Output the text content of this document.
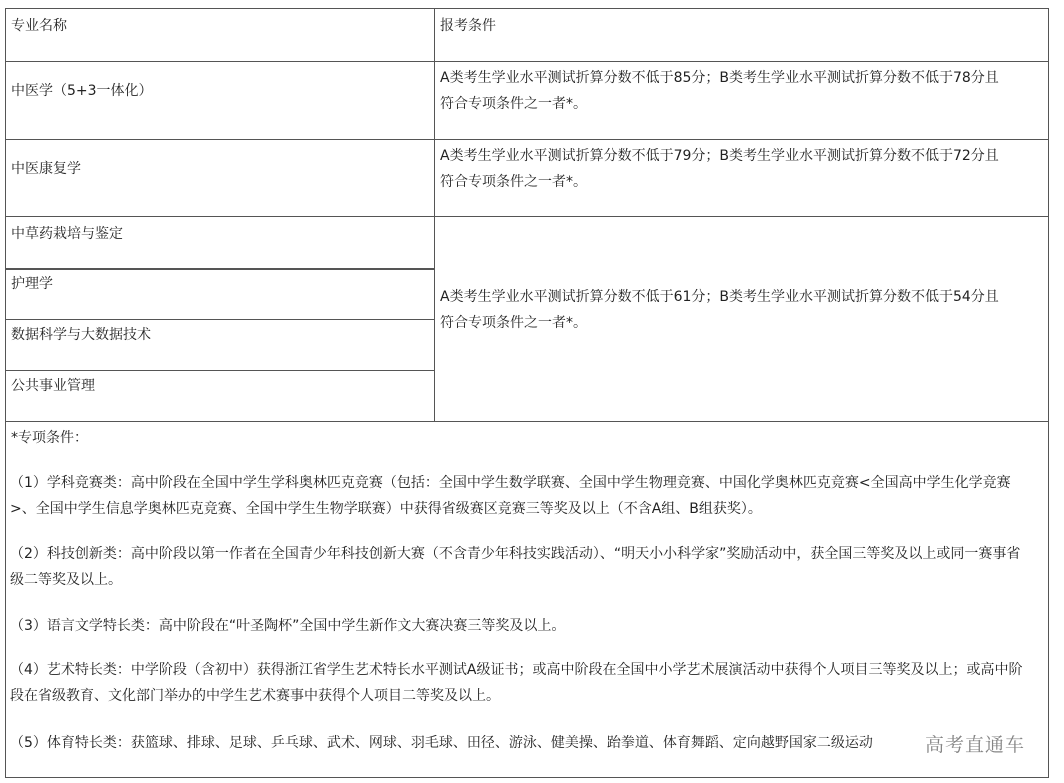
专业名称	报考条件
中医学（5+3一体化）
A类考生学业水平测试折算分数不低于85分；B类考生学业水平测试折算分数不低于78分且
符合专项条件之一者*。
中医康复学
A类考生学业水平测试折算分数不低于79分；B类考生学业水平测试折算分数不低于72分且
符合专项条件之一者*。
中草药栽培与鉴定
护理学
数据科学与大数据技术
公共事业管理
A类考生学业水平测试折算分数不低于61分；B类考生学业水平测试折算分数不低于54分且
符合专项条件之一者*。
*专项条件：
（1）学科竞赛类：高中阶段在全国中学生学科奥林匹克竞赛（包括：全国中学生数学联赛、全国中学生物理竞赛、中国化学奥林匹克竞赛<全国高中学生化学竞赛>、全国中学生信息学奥林匹克竞赛、全国中学生生物学联赛）中获得省级赛区竞赛三等奖及以上（不含A组、B组获奖）。
（2）科技创新类：高中阶段以第一作者在全国青少年科技创新大赛（不含青少年科技实践活动）、“明天小小科学家”奖励活动中，获全国三等奖及以上或同一赛事省级二等奖及以上。
（3）语言文学特长类：高中阶段在“叶圣陶杯”全国中学生新作文大赛决赛三等奖及以上。
（4）艺术特长类：中学阶段（含初中）获得浙江省学生艺术特长水平测试A级证书；或高中阶段在全国中小学艺术展演活动中获得个人项目三等奖及以上；或高中阶段在省级教育、文化部门举办的中学生艺术赛事中获得个人项目二等奖及以上。
（5）体育特长类：获篮球、排球、足球、乒乓球、武术、网球、羽毛球、田径、游泳、健美操、跆拳道、体育舞蹈、定向越野国家二级运动	高考直通车
